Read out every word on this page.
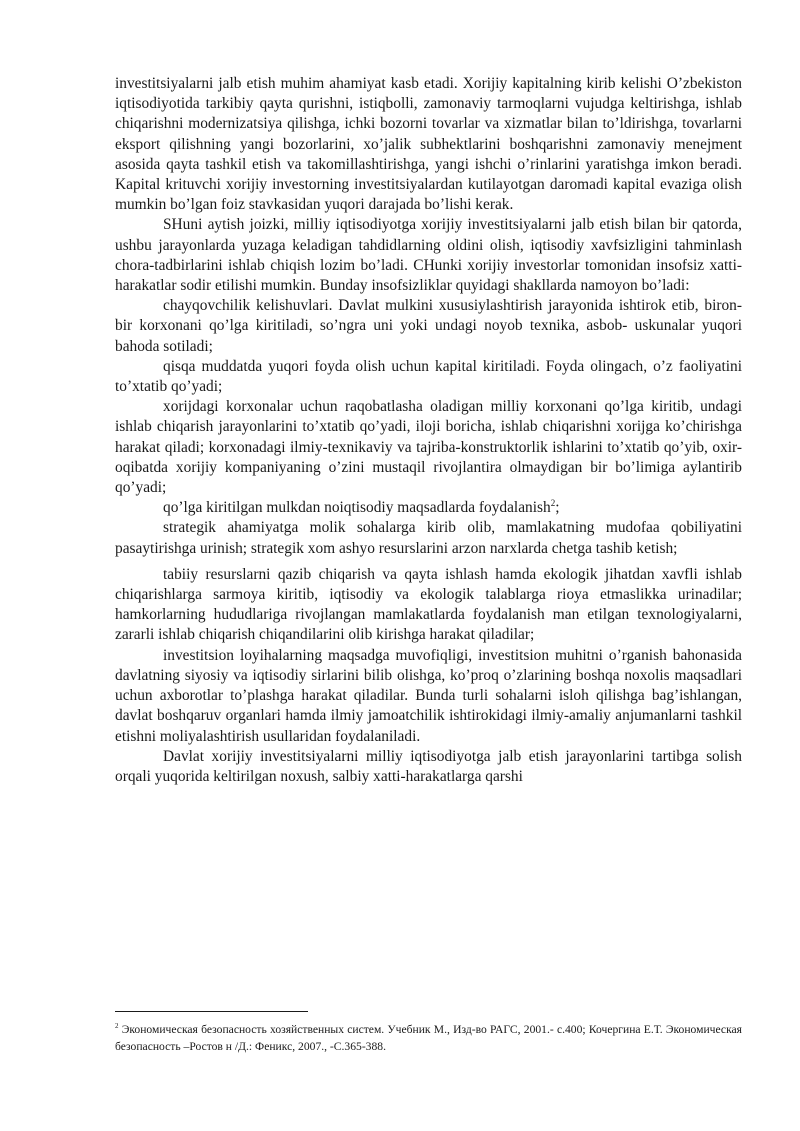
investitsiyalarni jalb etish muhim ahamiyat kasb etadi. Xorijiy kapitalning kirib kelishi O’zbekiston iqtisodiyotida tarkibiy qayta qurishni, istiqbolli, zamonaviy tarmoqlarni vujudga keltirishga, ishlab chiqarishni modernizatsiya qilishga, ichki bozorni tovarlar va xizmatlar bilan to’ldirishga, tovarlarni eksport qilishning yangi bozorlarini, xo’jalik subhektlarini boshqarishni zamonaviy menejment asosida qayta tashkil etish va takomillashtirishga, yangi ishchi o’rinlarini yaratishga imkon beradi. Kapital krituvchi xorijiy investorning investitsiyalardan kutilayotgan daromadi kapital evaziga olish mumkin bo’lgan foiz stavkasidan yuqori darajada bo’lishi kerak.

SHuni aytish joizki, milliy iqtisodiyotga xorijiy investitsiyalarni jalb etish bilan bir qatorda, ushbu jarayonlarda yuzaga keladigan tahdidlarning oldini olish, iqtisodiy xavfsizligini tahminlash chora-tadbirlarini ishlab chiqish lozim bo’ladi. CHunki xorijiy investorlar tomonidan insofsiz xatti-harakatlar sodir etilishi mumkin. Bunday insofsizliklar quyidagi shakllarda namoyon bo’ladi:

chayqovchilik kelishuvlari. Davlat mulkini xususiylashtirish jarayonida ishtirok etib, biron-bir korxonani qo’lga kiritiladi, so’ngra uni yoki undagi noyob texnika, asbob- uskunalar yuqori bahoda sotiladi;

qisqa muddatda yuqori foyda olish uchun kapital kiritiladi. Foyda olingach, o’z faoliyatini to’xtatib qo’yadi;

xorijdagi korxonalar uchun raqobatlasha oladigan milliy korxonani qo’lga kiritib, undagi ishlab chiqarish jarayonlarini to’xtatib qo’yadi, iloji boricha, ishlab chiqarishni xorijga ko’chirishga harakat qiladi; korxonadagi ilmiy-texnikaviy va tajriba-konstruktorlik ishlarini to’xtatib qo’yib, oxir-oqibatda xorijiy kompaniyaning o’zini mustaqil rivojlantira olmaydigan bir bo’limiga aylantirib qo’yadi;

qo’lga kiritilgan mulkdan noiqtisodiy maqsadlarda foydalanish$^2$;

strategik ahamiyatga molik sohalarga kirib olib, mamlakatning mudofaa qobiliyatini pasaytirishga urinish; strategik xom ashyo resurslarini arzon narxlarda chetga tashib ketish;

tabiiy resurslarni qazib chiqarish va qayta ishlash hamda ekologik jihatdan xavfli ishlab chiqarishlarga sarmoya kiritib, iqtisodiy va ekologik talablarga rioya etmaslikka urinadilar; hamkorlarning hududlariga rivojlangan mamlakatlarda foydalanish man etilgan texnologiyalarni, zararli ishlab chiqarish chiqandilarini olib kirishga harakat qiladilar;

investitsion loyihalarning maqsadga muvofiqligi, investitsion muhitni o’rganish bahonasida davlatning siyosiy va iqtisodiy sirlarini bilib olishga, ko’proq o’zlarining boshqa noxolis maqsadlari uchun axborotlar to’plashga harakat qiladilar. Bunda turli sohalarni isloh qilishga bag’ishlangan, davlat boshqaruv organlari hamda ilmiy jamoatchilik ishtirokidagi ilmiy-amaliy anjumanlarni tashkil etishni moliyalashtirish usullaridan foydalaniladi.

Davlat xorijiy investitsiyalarni milliy iqtisodiyotga jalb etish jarayonlarini tartibga solish orqali yuqorida keltirilgan noxush, salbiy xatti-harakatlarga qarshi

$^2$ Экономическая безопасность хозяйственных систем. Учебник М., Изд-во РАГС, 2001.- с.400; Кочергина Е.Т. Экономическая безопасность –Ростов н /Д.: Феникс, 2007., -С.365-388.
